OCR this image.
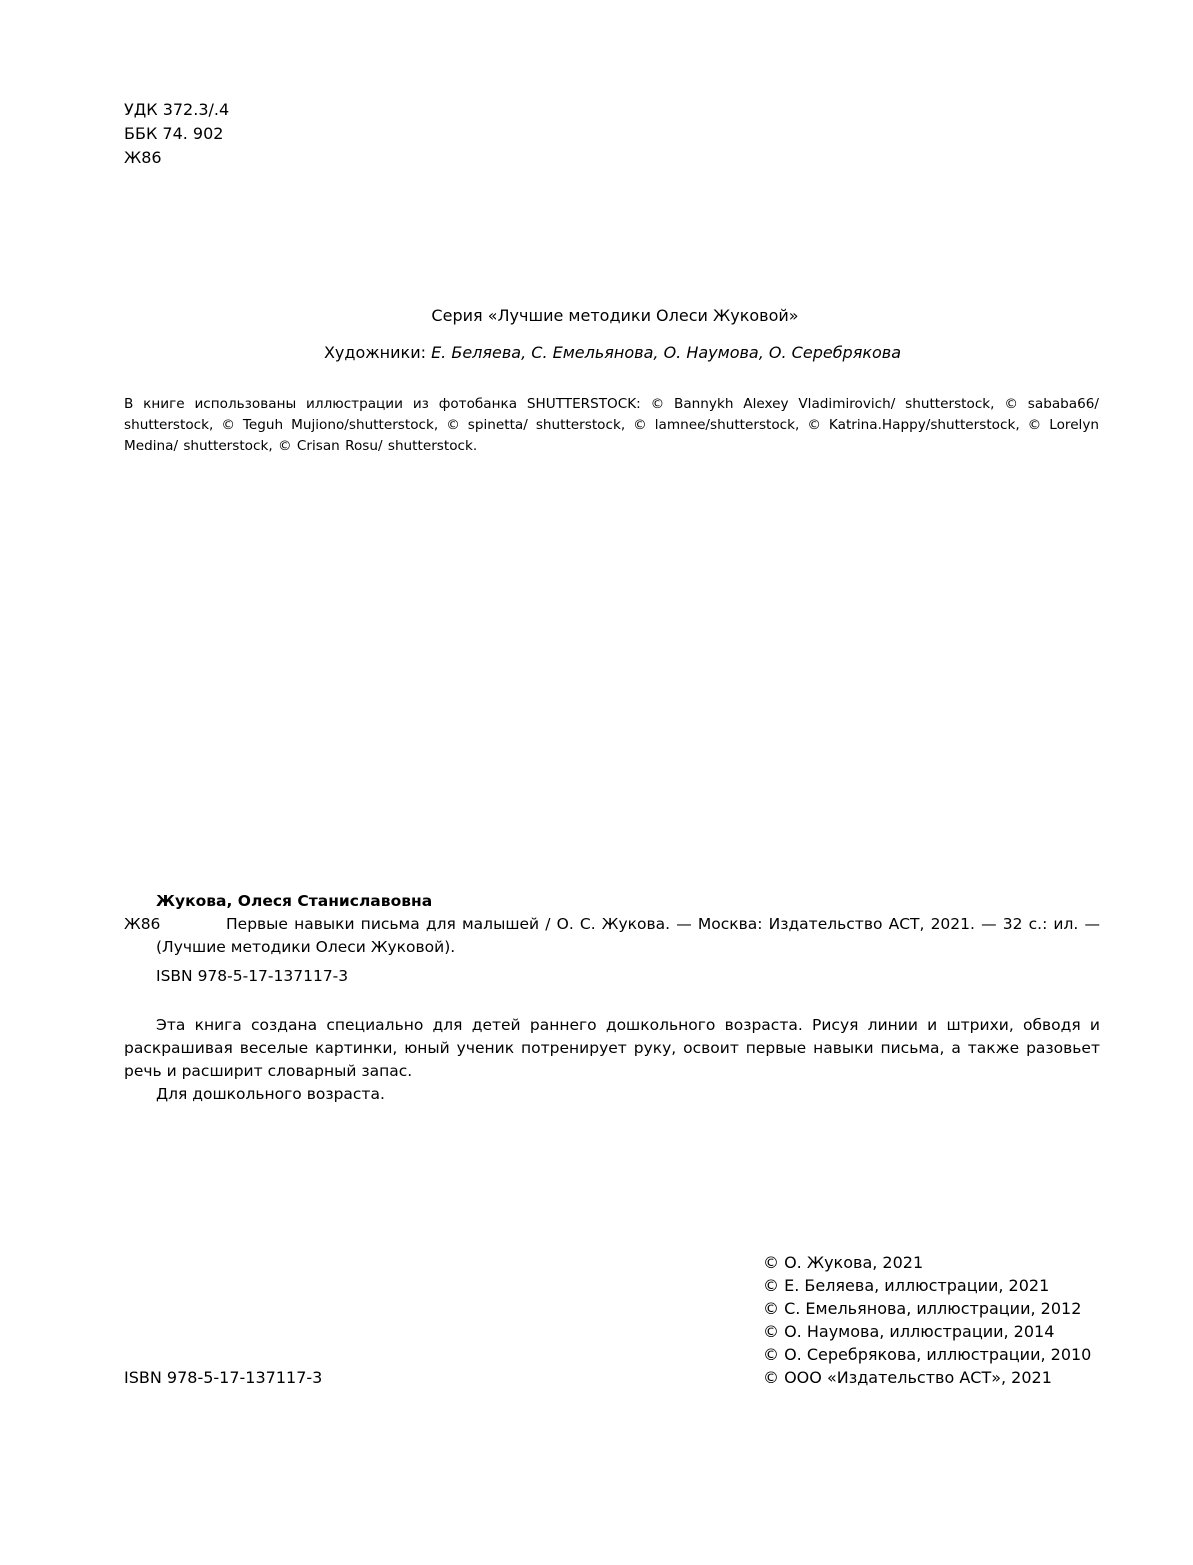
УДК 372.3/.4
ББК 74. 902
Ж86
Серия «Лучшие методики Олеси Жуковой»
Художники: Е. Беляева, С. Емельянова, О. Наумова, О. Серебрякова
В книге использованы иллюстрации из фотобанка SHUTTERSTOCK: © Bannykh Alexey Vladimirovich/ shutterstock, © sababa66/ shutterstock, © Teguh Mujiono/shutterstock, © spinetta/ shutterstock, © lamnee/shutterstock, © Katrina.Happy/shutterstock, © Lorelyn Medina/ shutterstock, © Crisan Rosu/ shutterstock.
Жукова, Олеся Станиславовна
Ж86	Первые навыки письма для малышей / О. С. Жукова. — Москва: Издательство АСТ, 2021. — 32 с.: ил. — (Лучшие методики Олеси Жуковой).
ISBN 978-5-17-137117-3

Эта книга создана специально для детей раннего дошкольного возраста. Рисуя линии и штрихи, обводя и раскрашивая веселые картинки, юный ученик потренирует руку, освоит первые навыки письма, а также разовьет речь и расширит словарный запас.

Для дошкольного возраста.

© О. Жукова, 2021
© Е. Беляева, иллюстрации, 2021
© С. Емельянова, иллюстрации, 2012
© О. Наумова, иллюстрации, 2014
© О. Серебрякова, иллюстрации, 2010
© ООО «Издательство АСТ», 2021
ISBN 978-5-17-137117-3
